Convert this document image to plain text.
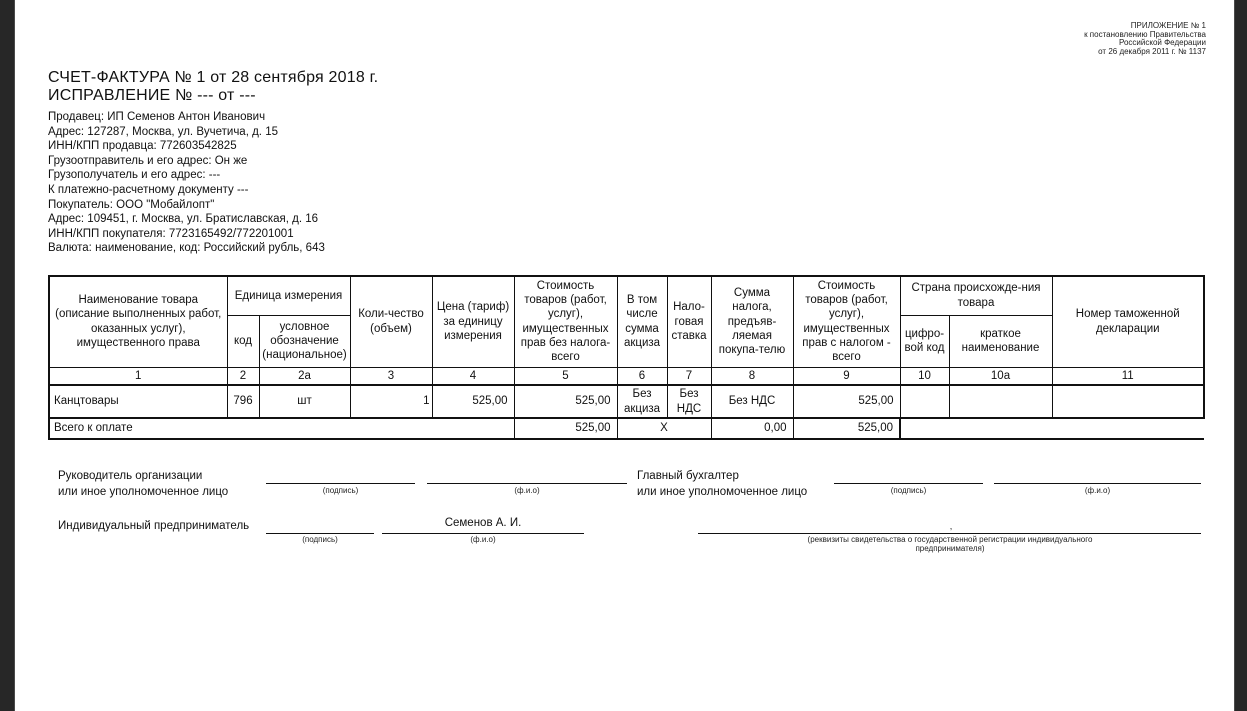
ПРИЛОЖЕНИЕ № 1
к постановлению Правительства
Российской Федерации
от 26 декабря 2011 г. № 1137
СЧЕТ-ФАКТУРА № 1 от 28 сентября 2018 г.
ИСПРАВЛЕНИЕ № --- от ---
Продавец: ИП Семенов Антон Иванович
Адрес: 127287, Москва, ул. Вучетича, д. 15
ИНН/КПП продавца: 772603542825
Грузоотправитель и его адрес: Он же
Грузополучатель и его адрес: ---
К платежно-расчетному документу ---
Покупатель: ООО "Мобайлопт"
Адрес: 109451, г. Москва, ул. Братиславская, д. 16
ИНН/КПП покупателя: 7723165492/772201001
Валюта: наименование, код: Российский рубль, 643
Наименование товара (описание выполненных работ, оказанных услуг), имущественного права	Единица измерения		Коли-чество (объем)	Цена (тариф) за единицу измерения	Стоимость товаров (работ, услуг), имущественных прав без налога-всего	В том числе сумма акциза	Нало-говая ставка	Сумма налога, предъяв-ляемая покупа-телю	Стоимость товаров (работ, услуг), имущественных прав с налогом - всего	Страна происхожде-ния товара		Номер таможенной декларации
	код	условное обозначение (национальное)								цифро-вой код	краткое наименование	
1	2	2а	3	4	5	6	7	8	9	10	10а	11
Канцтовары	796	шт	1	525,00	525,00	Без акциза	Без НДС	Без НДС	525,00			
Всего к оплате					525,00	X		0,00	525,00			
Руководитель организации
или иное уполномоченное лицо	(подпись)	(ф.и.о)
Главный бухгалтер
или иное уполномоченное лицо	(подпись)	(ф.и.о)
Индивидуальный предприниматель
(подпись)
Семенов А. И.
(ф.и.о)
,
(реквизиты свидетельства о государственной регистрации индивидуального предпринимателя)
